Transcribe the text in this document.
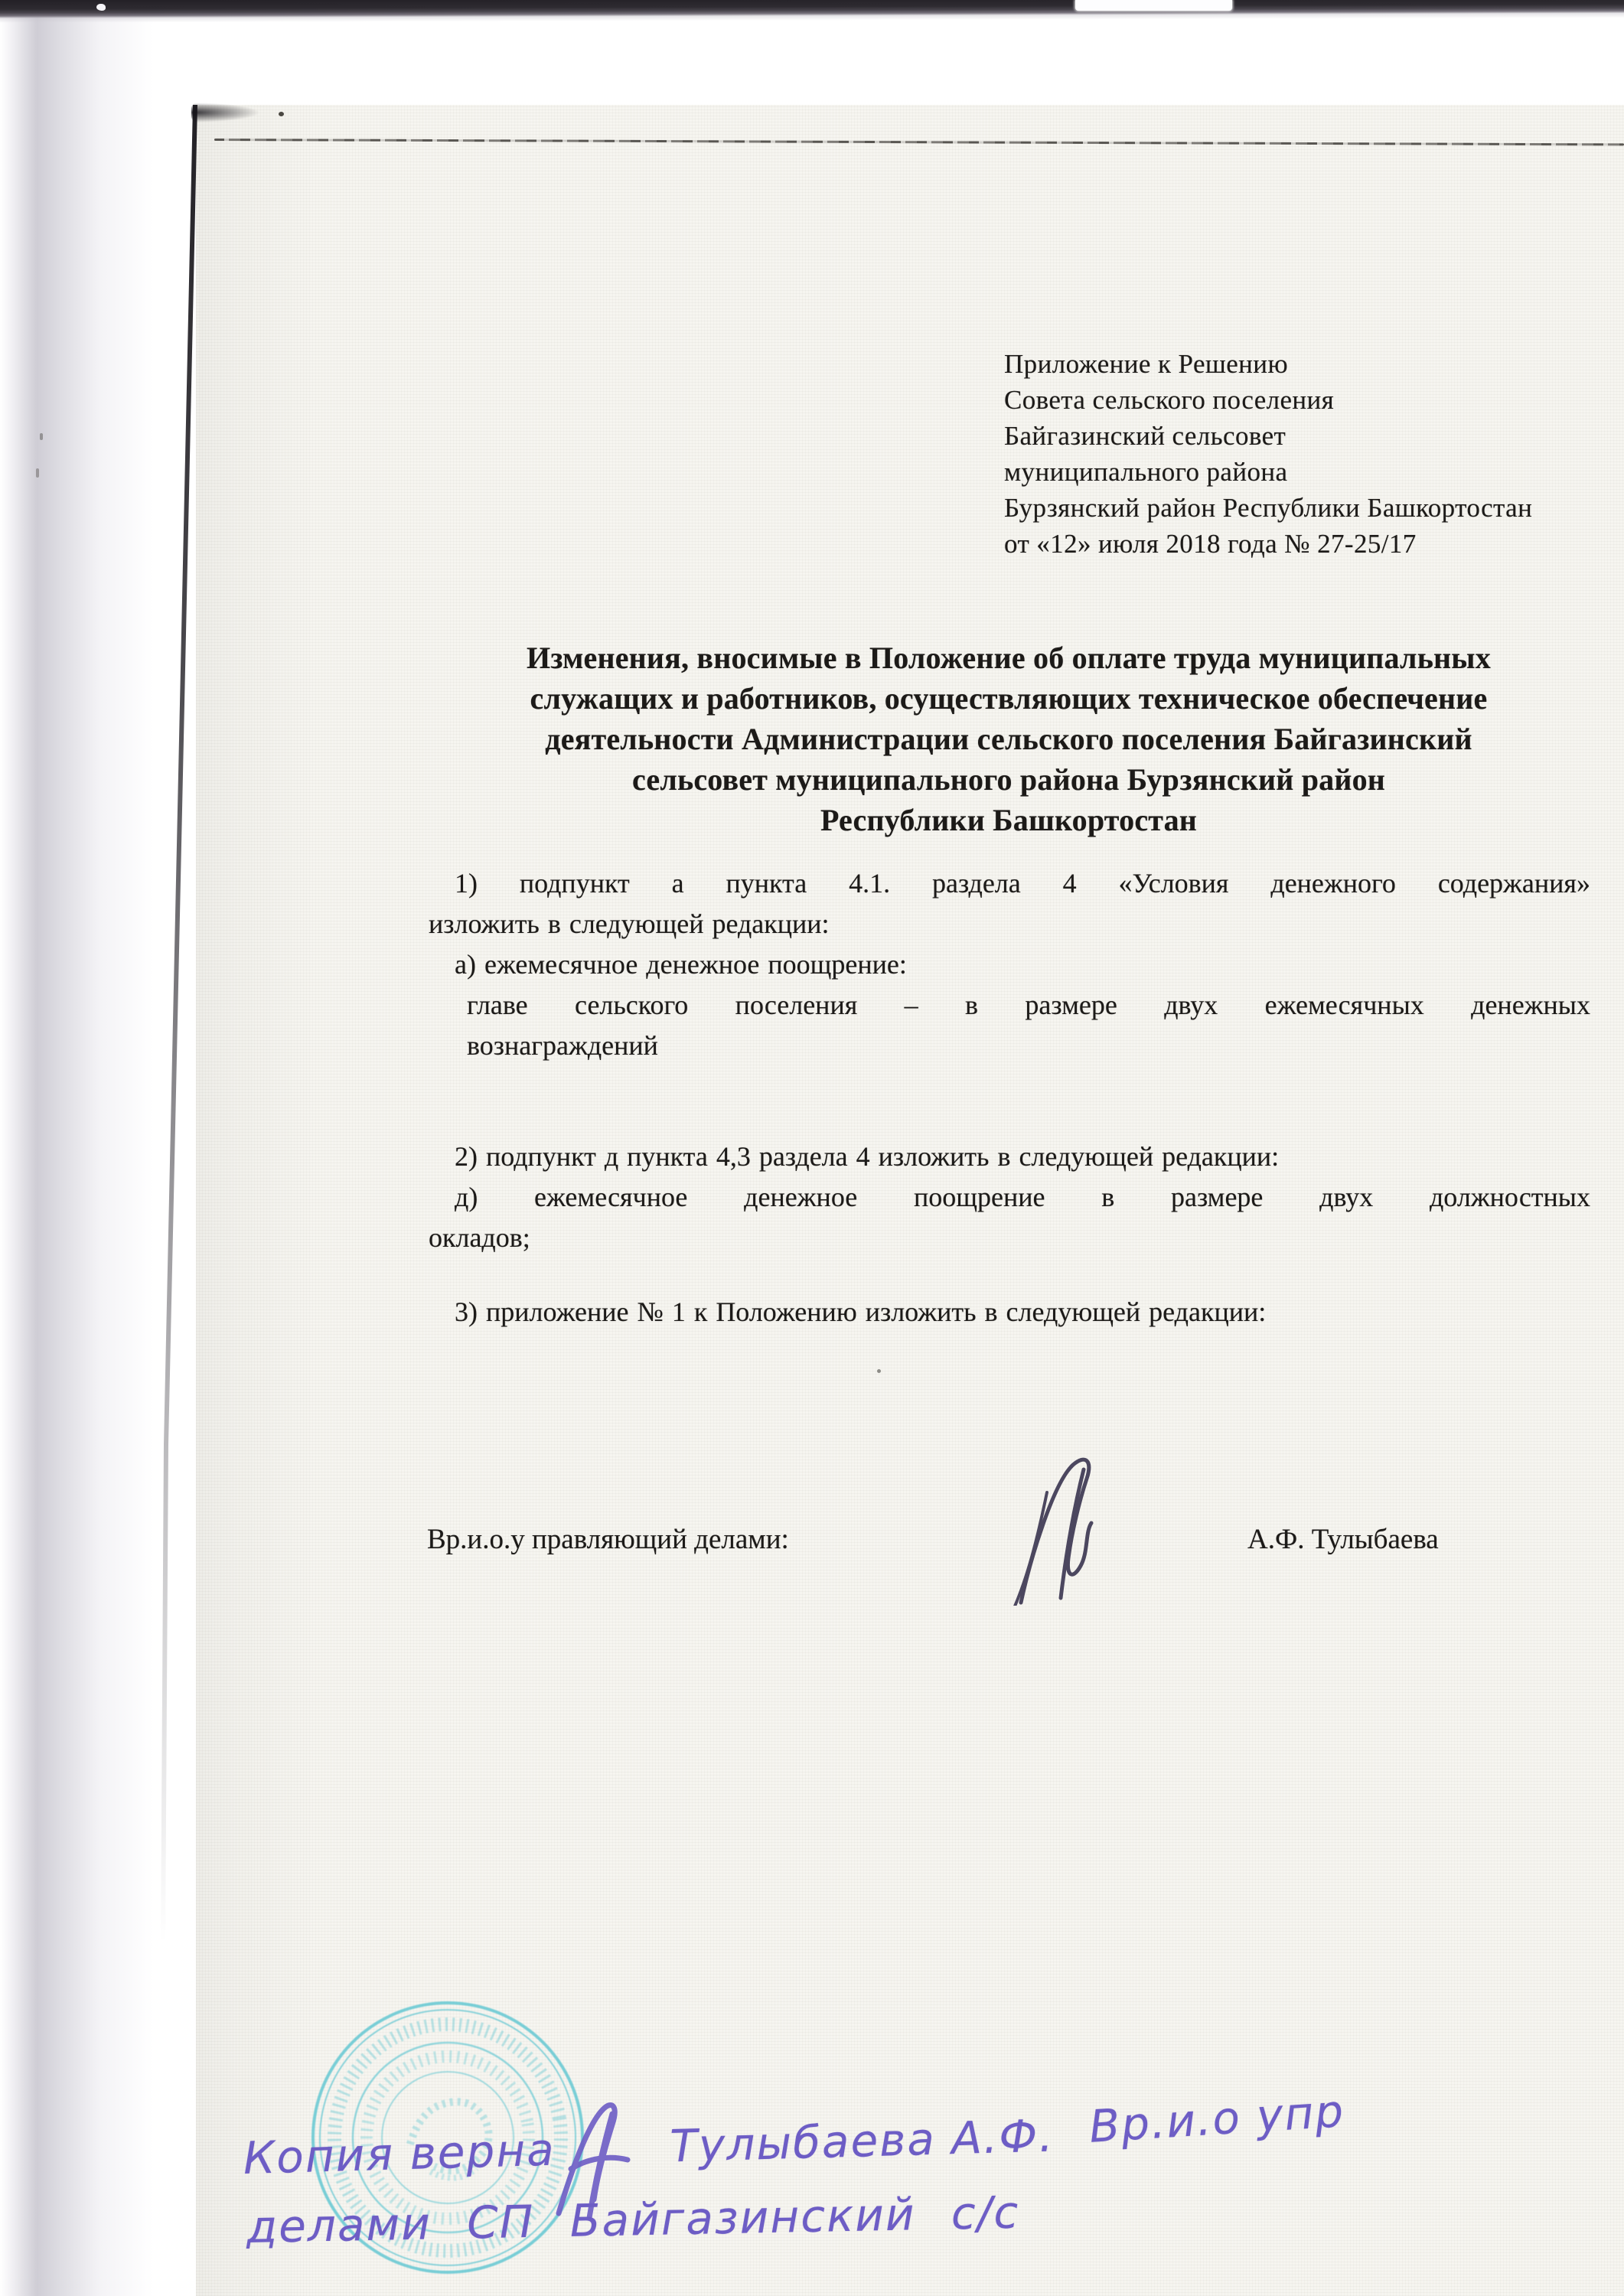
Приложение к Решению
Совета сельского поселения
Байгазинский сельсовет
муниципального района
Бурзянский район Республики Башкортостан
от «12» июля 2018 года № 27-25/17
Изменения, вносимые в Положение об оплате труда муниципальных
служащих и работников, осуществляющих техническое обеспечение
деятельности Администрации сельского поселения Байгазинский
сельсовет муниципального района Бурзянский район
Республики Башкортостан
1) подпункт а пункта 4.1. раздела 4 «Условия денежного содержания»
изложить в следующей редакции:
а) ежемесячное денежное поощрение:
главе сельского поселения – в размере двух ежемесячных денежных
вознаграждений
2) подпункт д пункта 4,3 раздела 4 изложить в следующей редакции:
д) ежемесячное денежное поощрение в размере двух должностных
окладов;
3) приложение № 1 к Положению изложить в следующей редакции:
Вр.и.о.у правляющий делами:	А.Ф. Тулыбаева
Копия верна	Тулыбаева А.Ф. Вр.и.о упр
делами СП Байгазинский с/с
